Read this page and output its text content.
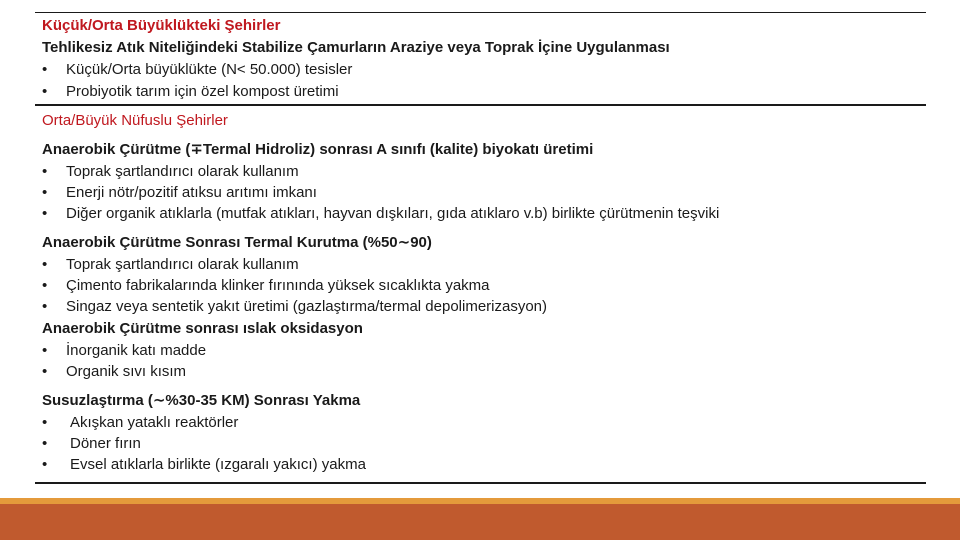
Küçük/Orta Büyüklükteki Şehirler
Tehlikesiz Atık Niteliğindeki Stabilize Çamurların Araziye veya Toprak İçine Uygulanması
• Küçük/Orta büyüklükte (N< 50.000) tesisler
• Probiyotik tarım için özel kompost üretimi
Orta/Büyük Nüfuslu Şehirler
Anaerobik Çürütme (∓Termal Hidroliz) sonrası A sınıfı (kalite) biyokatı üretimi
• Toprak şartlandırıcı olarak kullanım
• Enerji nötr/pozitif atıksu arıtımı imkanı
• Diğer organik atıklarla (mutfak atıkları, hayvan dışkıları, gıda atıklaro v.b) birlikte çürütmenin teşviki
Anaerobik Çürütme Sonrası Termal Kurutma (%50∼90)
• Toprak şartlandırıcı olarak kullanım
• Çimento fabrikalarında klinker fırınında yüksek sıcaklıkta yakma
• Singaz veya sentetik yakıt üretimi (gazlaştırma/termal depolimerizasyon)
Anaerobik Çürütme sonrası ıslak oksidasyon
• İnorganik katı madde
• Organik sıvı kısım
Susuzlaştırma (∼%30-35 KM) Sonrası Yakma
• Akışkan yataklı reaktörler
• Döner fırın
• Evsel atıklarla birlikte (ızgaralı yakıcı) yakma
